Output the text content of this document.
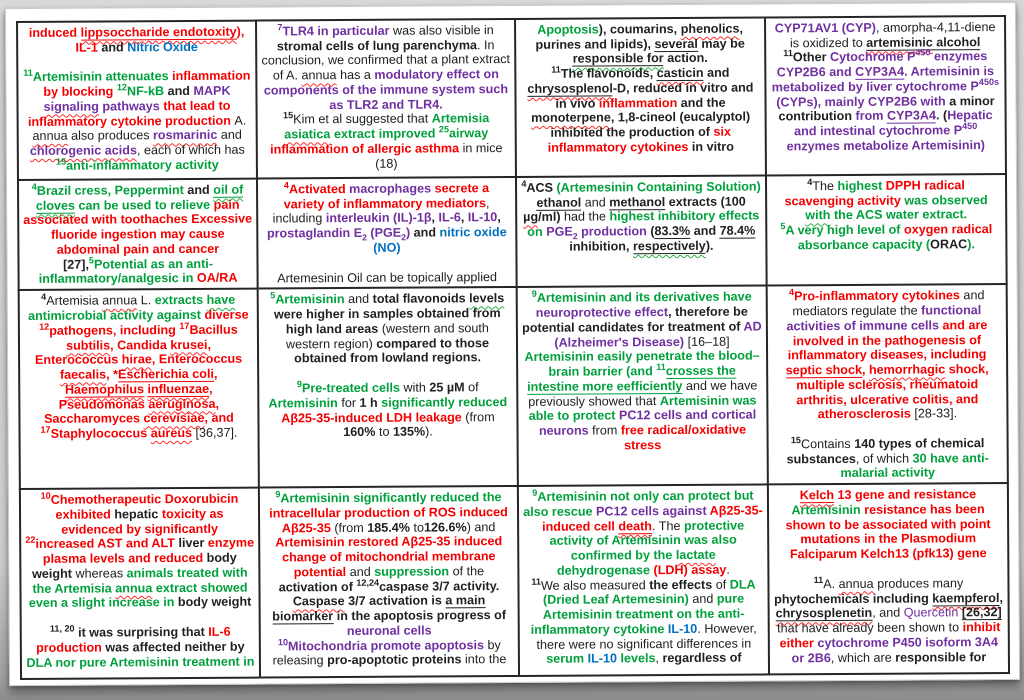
induced lippsoccharide endotoxity), IL-1 and Nitric Oxide
$^{11}$Artemisinin attenuates inflammation by blocking $^{12}$NF-kB and MAPK signaling pathways that lead to inflammatory cytokine production A. annua also produces rosmarinic and chlorogenic acids, each of which has $^{15}$anti-inflammatory activity

$^7$TLR4 in particular was also visible in stromal cells of lung parenchyma. In conclusion, we confirmed that a plant extract of A. annua has a modulatory effect on components of the immune system such as TLR2 and TLR4.
$^{15}$Kim et al suggested that Artemisia asiatica extract improved $^{25}$airway inflammation of allergic asthma in mice (18)

Apoptosis), coumarins, phenolics, purines and lipids), several may be responsible for action.
$^{11}$The flavonoids, casticin and chrysosplenol-D, reduced in vitro and in vivo inflammation and the monoterpene, 1,8-cineol (eucalyptol) inhibited the production of six inflammatory cytokines in vitro

CYP71AV1 (CYP), amorpha-4,11-diene is oxidized to artemisinic alcohol
$^{11}$Other Cytochrome $P^{450}$ enzymes CYP2B6 and CYP3A4. Artemisinin is metabolized by liver cytochrome $P^{450s}$ (CYPs), mainly CYP2B6 with a minor contribution from CYP3A4. (Hepatic and intestinal cytochrome $P^{450}$ enzymes metabolize Artemisinin)

$^4$Brazil cress, Peppermint and oil of cloves can be used to relieve pain associated with toothaches Excessive fluoride ingestion may cause abdominal pain and cancer [27],$^5$Potential as an anti-inflammatory/analgesic in OA/RA

$^4$Activated macrophages secrete a variety of inflammatory mediators, including interleukin (IL)-1β, IL-6, IL-10, prostaglandin $E_2$ $(PGE_2)$ and nitric oxide (NO)
Artemesinin Oil can be topically applied

$^4$ACS (Artemesinin Containing Solution) ethanol and methanol extracts (100 µg/ml) had the highest inhibitory effects on $PGE_2$ production (83.3% and 78.4% inhibition, respectively).

$^4$The highest DPPH radical scavenging activity was observed with the ACS water extract.
$^5$A very high level of oxygen radical absorbance capacity (ORAC).

$^4$Artemisia annua L. extracts have antimicrobial activity against diverse $^{12}$pathogens, including $^{17}$Bacillus subtilis, Candida krusei, Enterococcus hirae, Enterococcus faecalis, *Escherichia coli, Haemophilus influenzae, Pseudomonas aeruginosa, Saccharomyces cerevisiae, and $^{17}$Staphylococcus aureus [36,37].

$^5$Artemisinin and total flavonoids levels were higher in samples obtained from high land areas (western and south western region) compared to those obtained from lowland regions.
$^9$Pre-treated cells with 25 µM of Artemisinin for 1 h significantly reduced Aβ25-35-induced LDH leakage (from 160% to 135%).

$^9$Artemisinin and its derivatives have neuroprotective effect, therefore be potential candidates for treatment of AD (Alzheimer's Disease) [16–18]
Artemisinin easily penetrate the blood–brain barrier (and $^{11}$crosses the intestine more eefficiently and we have previously showed that Artemisinin was able to protect PC12 cells and cortical neurons from free radical/oxidative stress

$^4$Pro-inflammatory cytokines and mediators regulate the functional activities of immune cells and are involved in the pathogenesis of inflammatory diseases, including septic shock, hemorrhagic shock, multiple sclerosis, rheumatoid arthritis, ulcerative colitis, and atherosclerosis [28-33].
$^{15}$Contains 140 types of chemical substances, of which 30 have anti-malarial activity

$^{10}$Chemotherapeutic Doxorubicin exhibited hepatic toxicity as evidenced by significantly $^{22}$increased AST and ALT liver enzyme plasma levels and reduced body weight whereas animals treated with the Artemisia annua extract showed even a slight increase in body weight
$^{11, 20}$ it was surprising that IL-6 production was affected neither by DLA nor pure Artemisinin treatment in

$^9$Artemisinin significantly reduced the intracellular production of ROS induced Aβ25-35 (from 185.4% to126.6%) and Artemisinin restored Aβ25-35 induced change of mitochondrial membrane potential and suppression of the activation of $^{12,24}$caspase 3/7 activity. Caspase 3/7 activation is a main biomarker in the apoptosis progress of neuronal cells
$^{10}$Mitochondria promote apoptosis by releasing pro-apoptotic proteins into the

$^9$Artemisinin not only can protect but also rescue PC12 cells against Aβ25-35-induced cell death. The protective activity of Artemisinin was also confirmed by the lactate dehydrogenase (LDH) assay.
$^{11}$We also measured the effects of DLA (Dried Leaf Artemesinin) and pure Artemisinin treatment on the anti-inflammatory cytokine IL-10. However, there were no significant differences in serum IL-10 levels, regardless of

Kelch 13 gene and resistance Artemisinin resistance has been shown to be associated with point mutations in the Plasmodium Falciparum Kelch13 (pfk13) gene
$^{11}$A. annua produces many phytochemicals including kaempferol, chrysosplenetin, and Quercetin [26,32] that have already been shown to inhibit either cytochrome P450 isoform 3A4 or 2B6, which are responsible for
